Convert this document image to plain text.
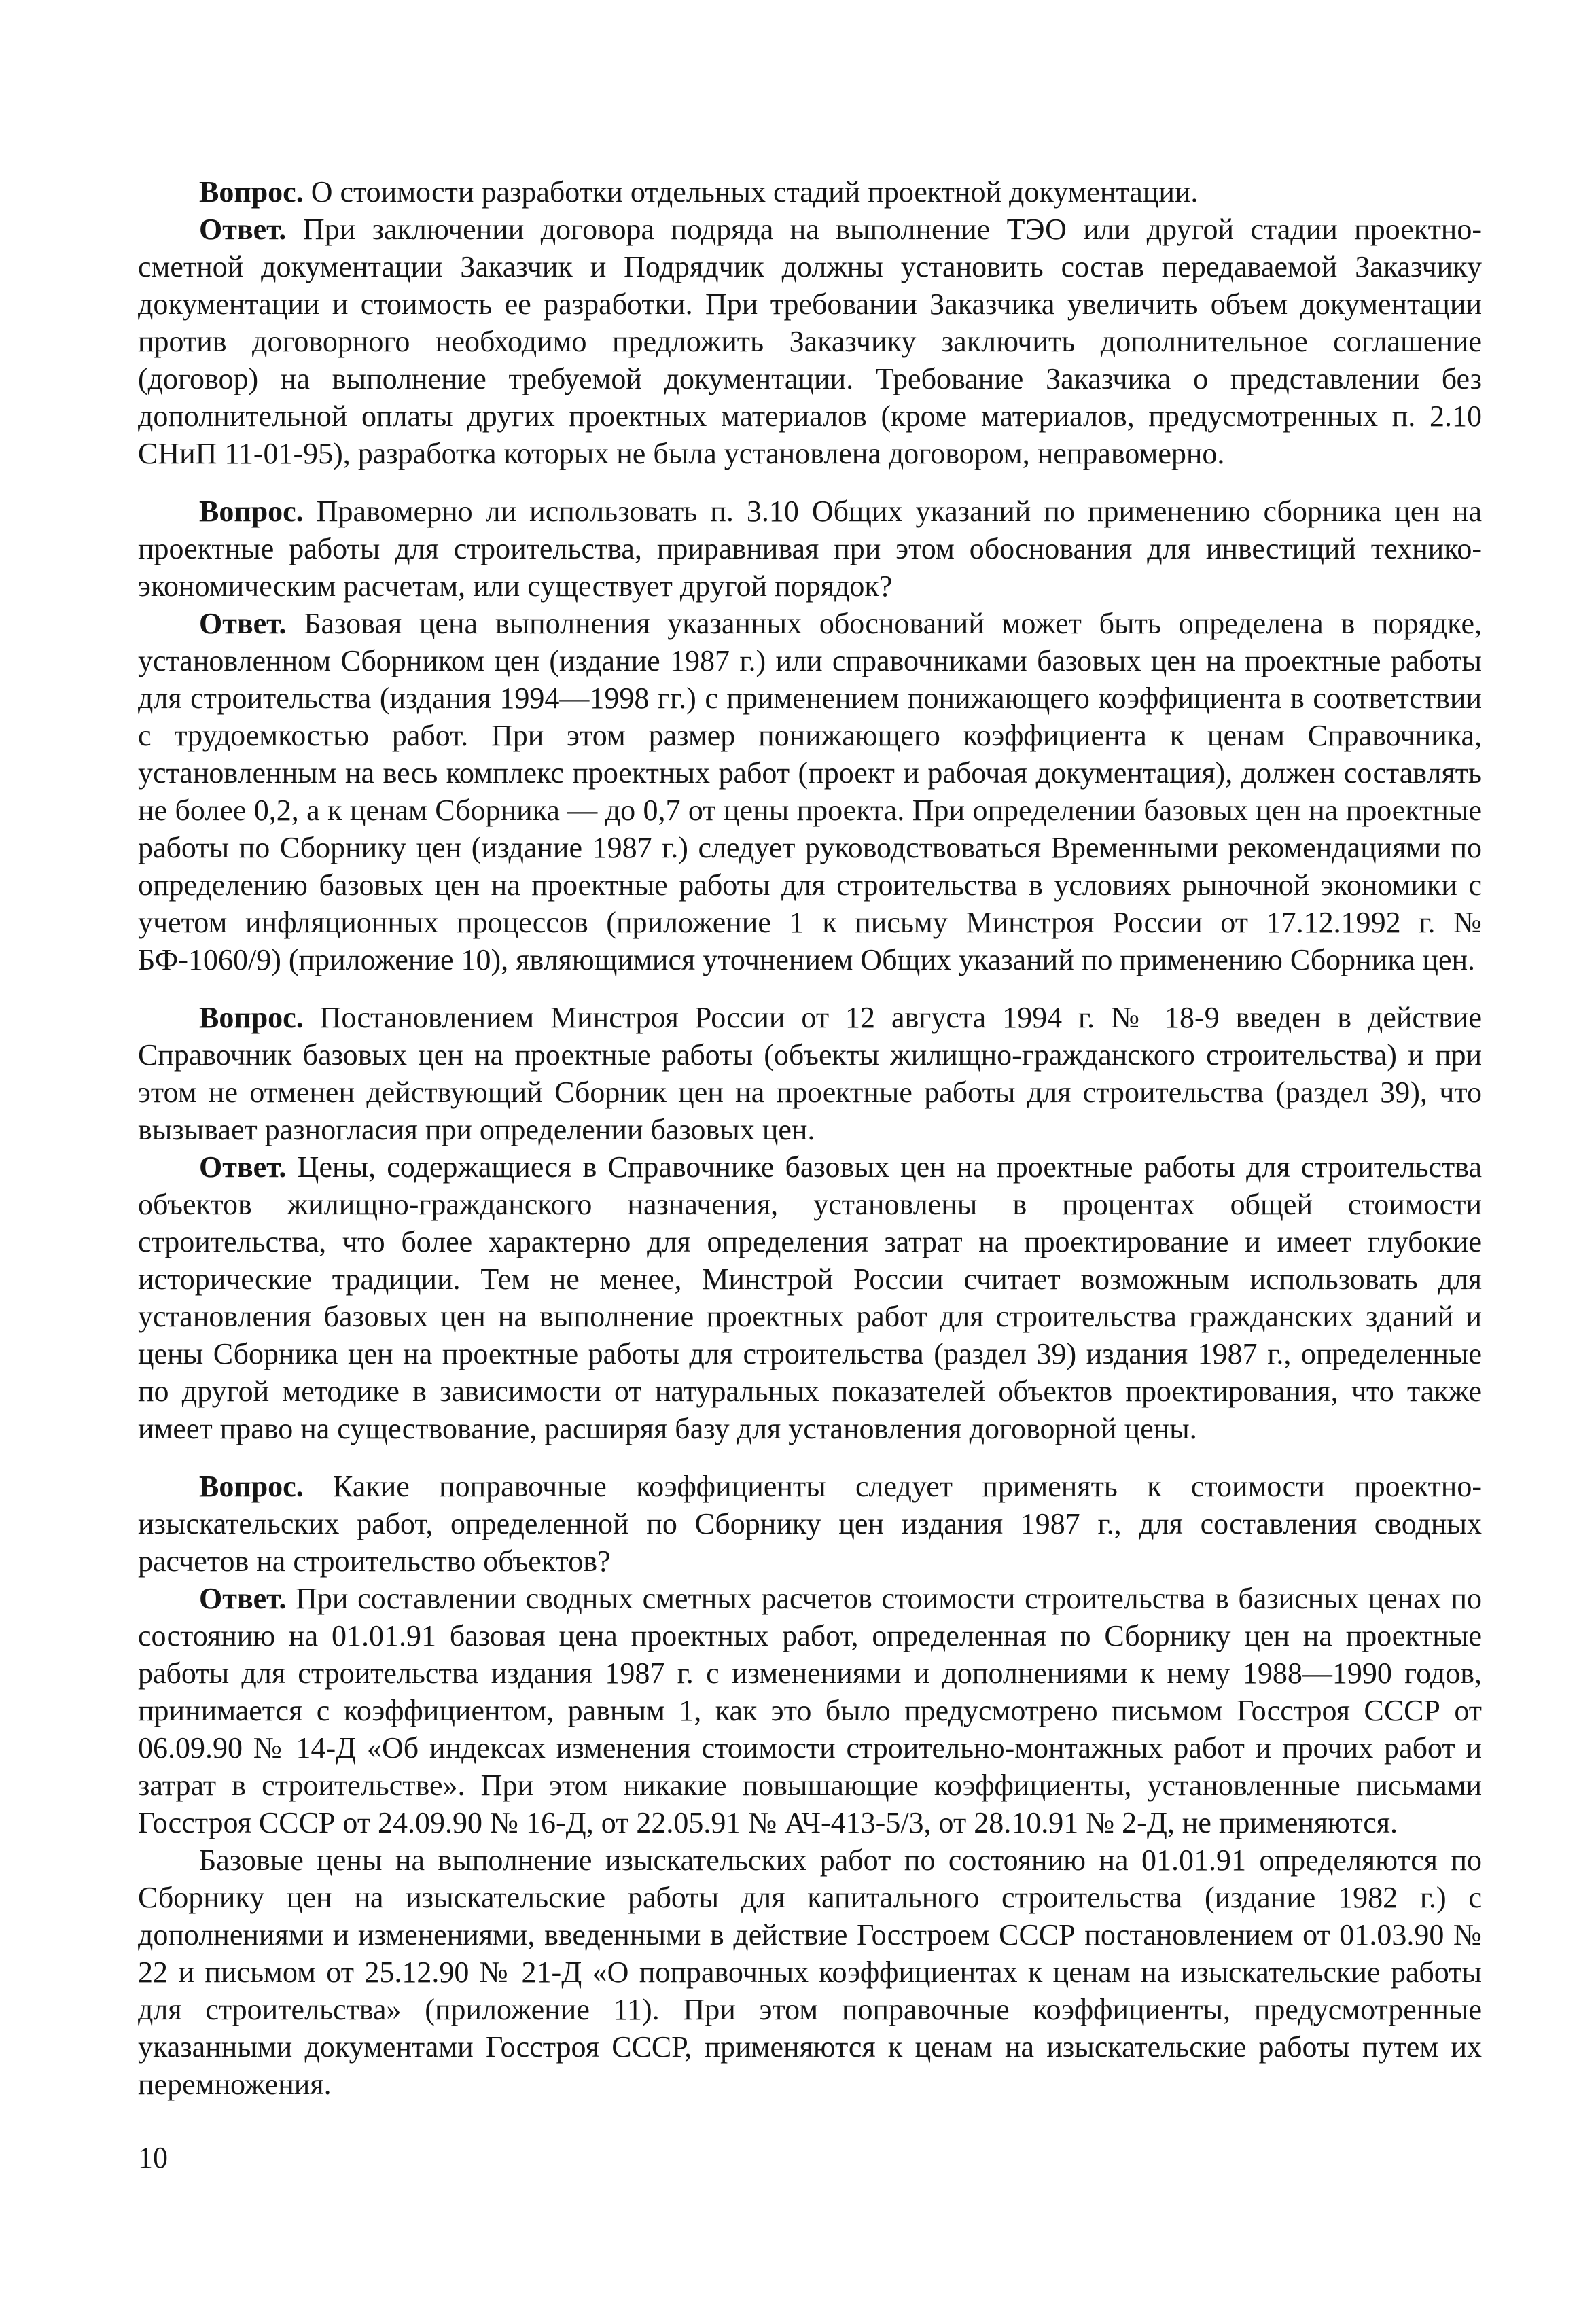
Вопрос. О стоимости разработки отдельных стадий проектной документации.

Ответ. При заключении договора подряда на выполнение ТЭО или другой стадии проектно-сметной документации Заказчик и Подрядчик должны установить состав передаваемой Заказчику документации и стоимость ее разработки. При требовании Заказчика увеличить объем документации против договорного необходимо предложить Заказчику заключить дополнительное соглашение (договор) на выполнение требуемой документации. Требование Заказчика о представлении без дополнительной оплаты других проектных материалов (кроме материалов, предусмотренных п. 2.10 СНиП 11-01-95), разработка которых не была установлена договором, неправомерно.

Вопрос. Правомерно ли использовать п. 3.10 Общих указаний по применению сборника цен на проектные работы для строительства, приравнивая при этом обоснования для инвестиций технико-экономическим расчетам, или существует другой порядок?

Ответ. Базовая цена выполнения указанных обоснований может быть определена в порядке, установленном Сборником цен (издание 1987 г.) или справочниками базовых цен на проектные работы для строительства (издания 1994—1998 гг.) с применением понижающего коэффициента в соответствии с трудоемкостью работ. При этом размер понижающего коэффициента к ценам Справочника, установленным на весь комплекс проектных работ (проект и рабочая документация), должен составлять не более 0,2, а к ценам Сборника — до 0,7 от цены проекта. При определении базовых цен на проектные работы по Сборнику цен (издание 1987 г.) следует руководствоваться Временными рекомендациями по определению базовых цен на проектные работы для строительства в условиях рыночной экономики с учетом инфляционных процессов (приложение 1 к письму Минстроя России от 17.12.1992 г. № БФ-1060/9) (приложение 10), являющимися уточнением Общих указаний по применению Сборника цен.

Вопрос. Постановлением Минстроя России от 12 августа 1994 г. № 18-9 введен в действие Справочник базовых цен на проектные работы (объекты жилищно-гражданского строительства) и при этом не отменен действующий Сборник цен на проектные работы для строительства (раздел 39), что вызывает разногласия при определении базовых цен.

Ответ. Цены, содержащиеся в Справочнике базовых цен на проектные работы для строительства объектов жилищно-гражданского назначения, установлены в процентах общей стоимости строительства, что более характерно для определения затрат на проектирование и имеет глубокие исторические традиции. Тем не менее, Минстрой России считает возможным использовать для установления базовых цен на выполнение проектных работ для строительства гражданских зданий и цены Сборника цен на проектные работы для строительства (раздел 39) издания 1987 г., определенные по другой методике в зависимости от натуральных показателей объектов проектирования, что также имеет право на существование, расширяя базу для установления договорной цены.

Вопрос. Какие поправочные коэффициенты следует применять к стоимости проектно-изыскательских работ, определенной по Сборнику цен издания 1987 г., для составления сводных расчетов на строительство объектов?

Ответ. При составлении сводных сметных расчетов стоимости строительства в базисных ценах по состоянию на 01.01.91 базовая цена проектных работ, определенная по Сборнику цен на проектные работы для строительства издания 1987 г. с изменениями и дополнениями к нему 1988—1990 годов, принимается с коэффициентом, равным 1, как это было предусмотрено письмом Госстроя СССР от 06.09.90 № 14-Д «Об индексах изменения стоимости строительно-монтажных работ и прочих работ и затрат в строительстве». При этом никакие повышающие коэффициенты, установленные письмами Госстроя СССР от 24.09.90 № 16-Д, от 22.05.91 № АЧ-413-5/3, от 28.10.91 № 2-Д, не применяются.

Базовые цены на выполнение изыскательских работ по состоянию на 01.01.91 определяются по Сборнику цен на изыскательские работы для капитального строительства (издание 1982 г.) с дополнениями и изменениями, введенными в действие Госстроем СССР постановлением от 01.03.90 № 22 и письмом от 25.12.90 № 21-Д «О поправочных коэффициентах к ценам на изыскательские работы для строительства» (приложение 11). При этом поправочные коэффициенты, предусмотренные указанными документами Госстроя СССР, применяются к ценам на изыскательские работы путем их перемножения.

10
